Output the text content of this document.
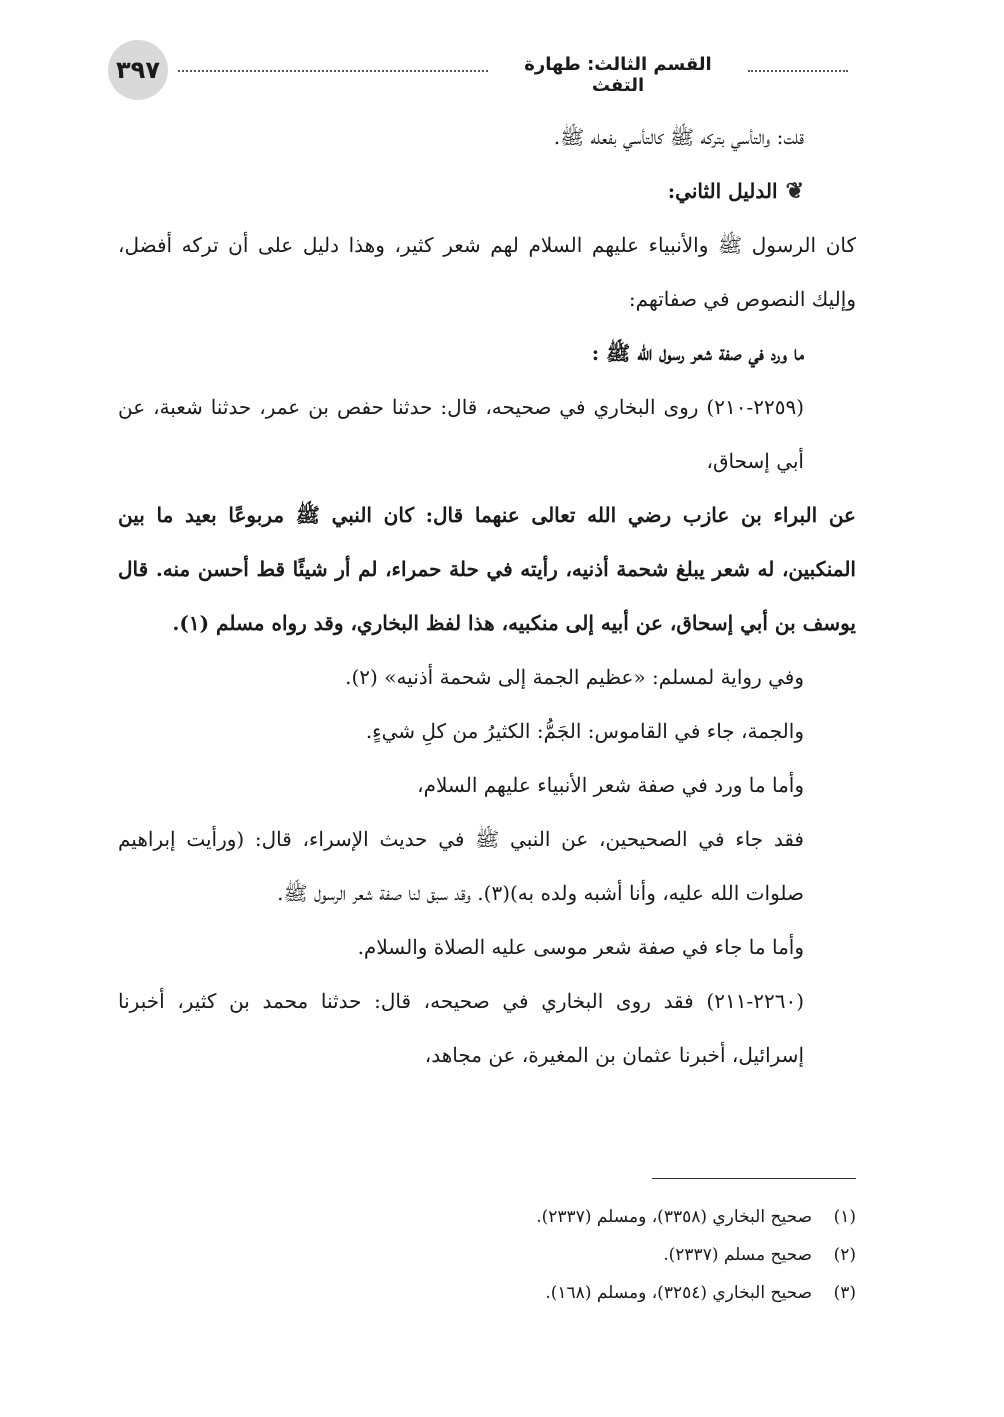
٣٩٧	القسم الثالث: طهارة التفث

قلت: والتأسي بتركه ﷺ كالتأسي بفعله ﷺ.

❦
الدليل الثاني:

كان الرسول ﷺ والأنبياء عليهم السلام لهم شعر كثير، وهذا دليل على أن تركه أفضل، وإليك النصوص في صفاتهم:

ما ورد في صفة شعر رسول الله ﷺ :

(٢٢٥٩-٢١٠) روى البخاري في صحيحه، قال: حدثنا حفص بن عمر، حدثنا شعبة، عن أبي إسحاق،

عن البراء بن عازب رضي الله تعالى عنهما قال: كان النبي ﷺ مربوعًا بعيد ما بين المنكبين، له شعر يبلغ شحمة أذنيه، رأيته في حلة حمراء، لم أر شيئًا قط أحسن منه. قال يوسف بن أبي إسحاق، عن أبيه إلى منكبيه، هذا لفظ البخاري، وقد رواه مسلم (١).

وفي رواية لمسلم: «عظيم الجمة إلى شحمة أذنيه» (٢).

والجمة، جاء في القاموس: الجَمُّ: الكثيرُ من كلِ شيءٍ.

وأما ما ورد في صفة شعر الأنبياء عليهم السلام،

فقد جاء في الصحيحين، عن النبي ﷺ في حديث الإسراء، قال: (ورأيت إبراهيم صلوات الله عليه، وأنا أشبه ولده به)(٣). وقد سبق لنا صفة شعر الرسول ﷺ.

وأما ما جاء في صفة شعر موسى عليه الصلاة والسلام.

(٢٢٦٠-٢١١) فقد روى البخاري في صحيحه، قال: حدثنا محمد بن كثير، أخبرنا إسرائيل، أخبرنا عثمان بن المغيرة، عن مجاهد،

(١)
صحيح البخاري (٣٣٥٨)، ومسلم (٢٣٣٧).
(٢)
صحيح مسلم (٢٣٣٧).
(٣)
صحيح البخاري (٣٢٥٤)، ومسلم (١٦٨).
